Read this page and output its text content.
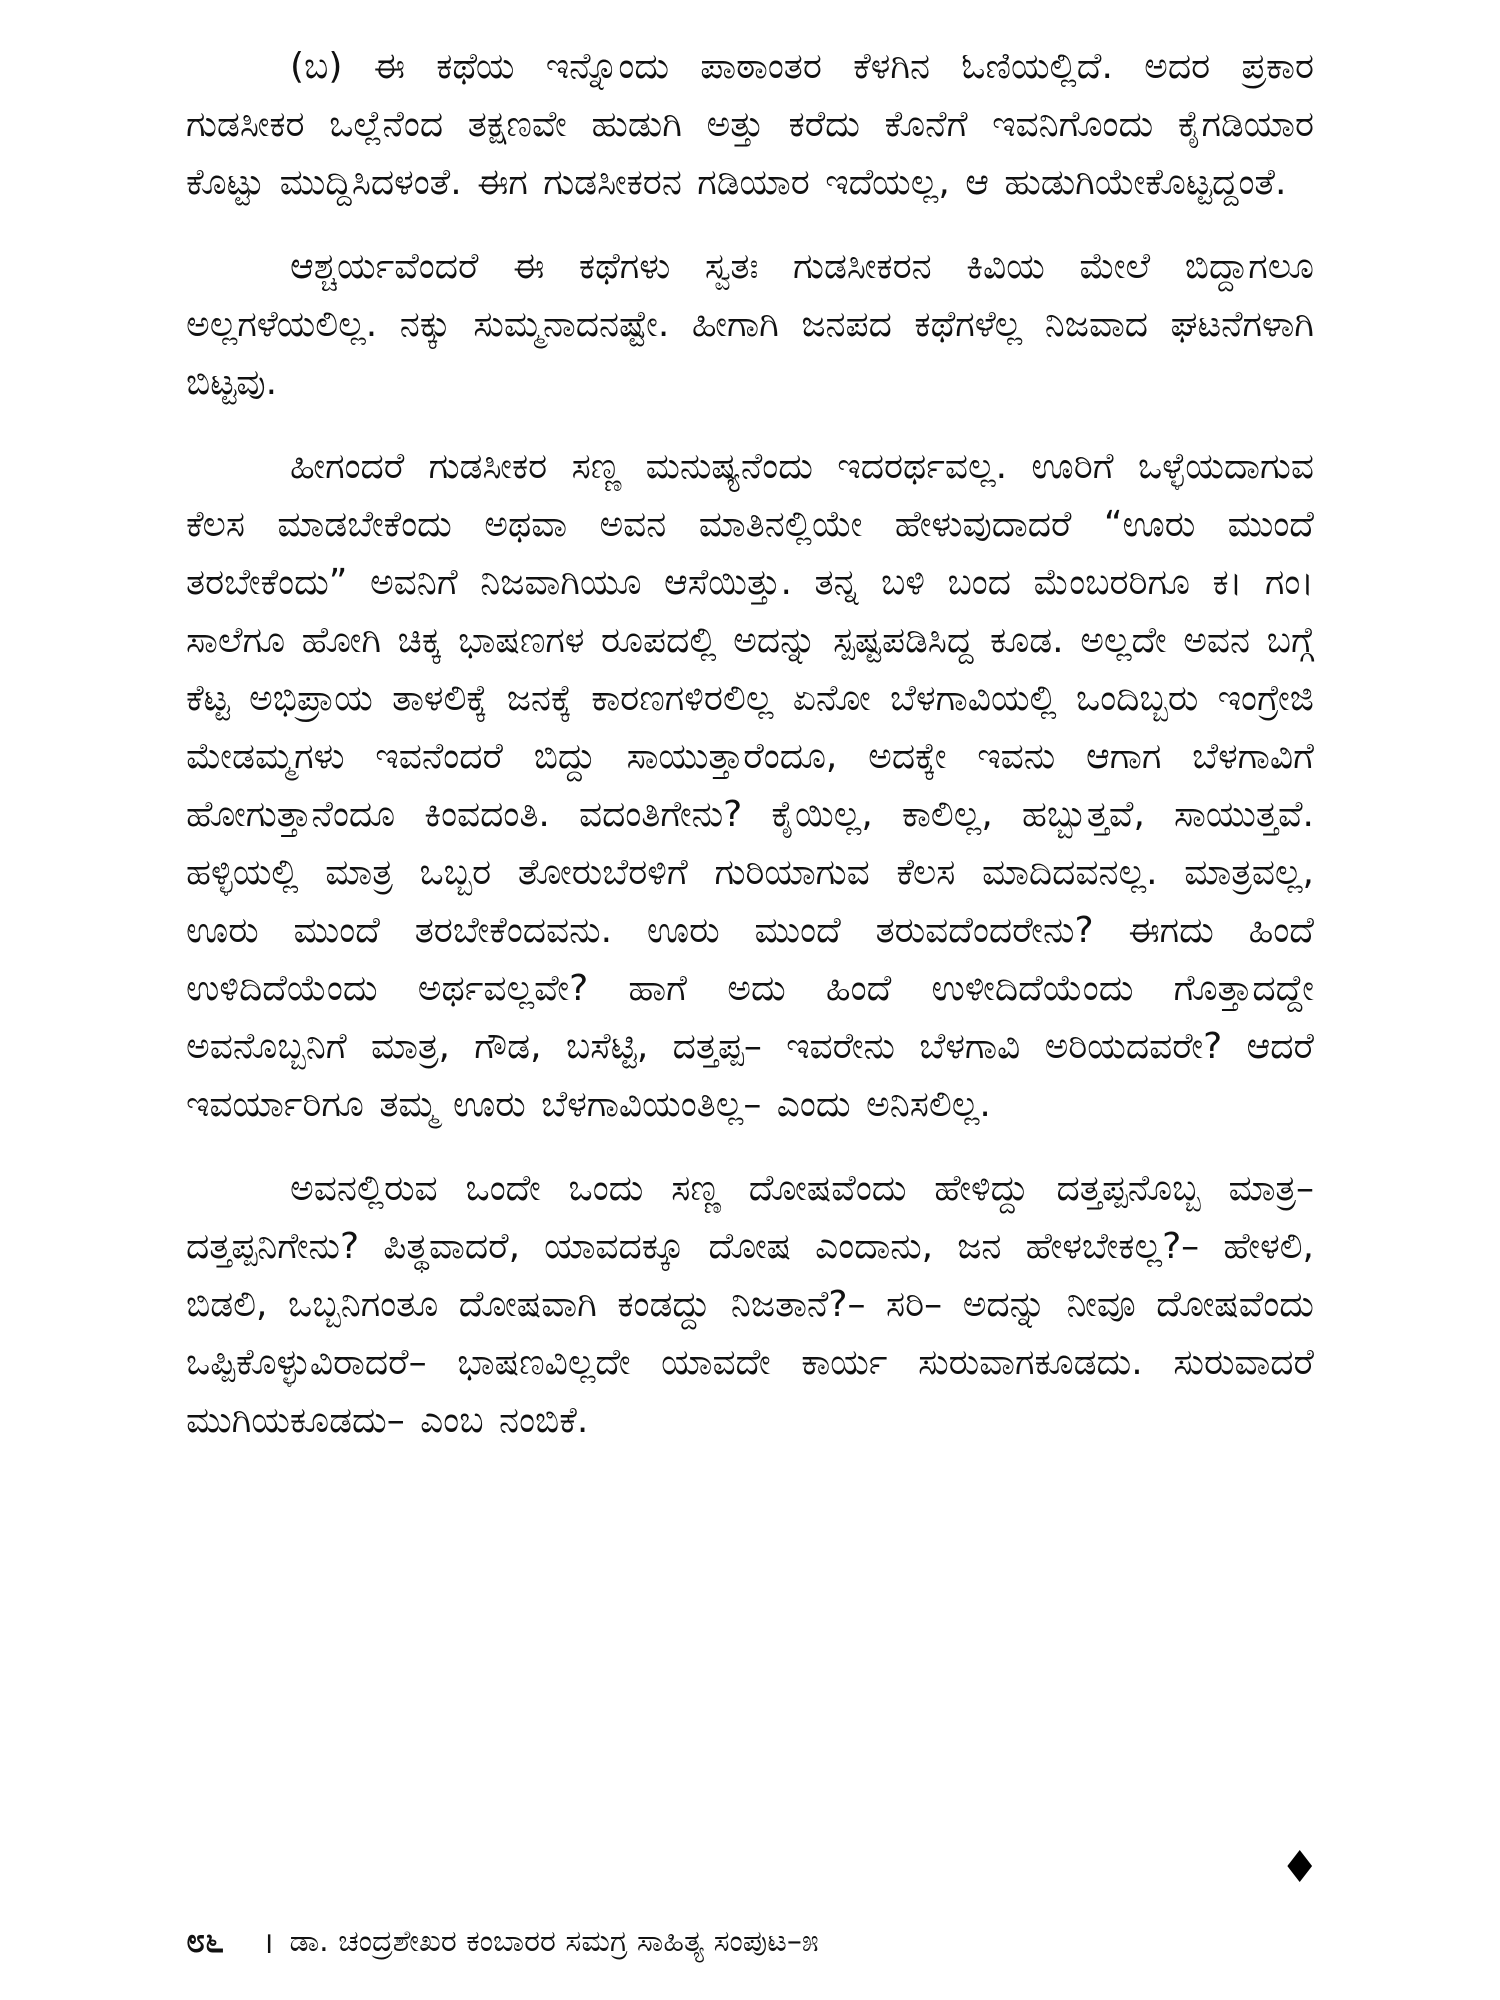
(ಬ) ಈ ಕಥೆಯ ಇನ್ನೊಂದು ಪಾಠಾಂತರ ಕೆಳಗಿನ ಓಣಿಯಲ್ಲಿದೆ. ಅದರ ಪ್ರಕಾರ ಗುಡಸೀಕರ ಒಲ್ಲೆನೆಂದ ತಕ್ಷಣವೇ ಹುಡುಗಿ ಅತ್ತು ಕರೆದು ಕೊನೆಗೆ ಇವನಿಗೊಂದು ಕೈಗಡಿಯಾರ ಕೊಟ್ಟು ಮುದ್ದಿಸಿದಳಂತೆ. ಈಗ ಗುಡಸೀಕರನ ಗಡಿಯಾರ ಇದೆಯಲ್ಲ, ಆ ಹುಡುಗಿಯೇಕೊಟ್ಟದ್ದಂತೆ.

ಆಶ್ಚರ್ಯವೆಂದರೆ ಈ ಕಥೆಗಳು ಸ್ವತಃ ಗುಡಸೀಕರನ ಕಿವಿಯ ಮೇಲೆ ಬಿದ್ದಾಗಲೂ ಅಲ್ಲಗಳೆಯಲಿಲ್ಲ. ನಕ್ಕು ಸುಮ್ಮನಾದನಷ್ಟೇ. ಹೀಗಾಗಿ ಜನಪದ ಕಥೆಗಳೆಲ್ಲ ನಿಜವಾದ ಘಟನೆಗಳಾಗಿ ಬಿಟ್ಟವು.

ಹೀಗಂದರೆ ಗುಡಸೀಕರ ಸಣ್ಣ ಮನುಷ್ಯನೆಂದು ಇದರರ್ಥವಲ್ಲ. ಊರಿಗೆ ಒಳ್ಳೆಯದಾಗುವ ಕೆಲಸ ಮಾಡಬೇಕೆಂದು ಅಥವಾ ಅವನ ಮಾತಿನಲ್ಲಿಯೇ ಹೇಳುವುದಾದರೆ “ಊರು ಮುಂದೆ ತರಬೇಕೆಂದು” ಅವನಿಗೆ ನಿಜವಾಗಿಯೂ ಆಸೆಯಿತ್ತು. ತನ್ನ ಬಳಿ ಬಂದ ಮೆಂಬರರಿಗೂ ಕ। ಗಂ। ಸಾಲೆಗೂ ಹೋಗಿ ಚಿಕ್ಕ ಭಾಷಣಗಳ ರೂಪದಲ್ಲಿ ಅದನ್ನು ಸ್ಪಷ್ಟಪಡಿಸಿದ್ದ ಕೂಡ. ಅಲ್ಲದೇ ಅವನ ಬಗ್ಗೆ ಕೆಟ್ಟ ಅಭಿಪ್ರಾಯ ತಾಳಲಿಕ್ಕೆ ಜನಕ್ಕೆ ಕಾರಣಗಳಿರಲಿಲ್ಲ ಏನೋ ಬೆಳಗಾವಿಯಲ್ಲಿ ಒಂದಿಬ್ಬರು ಇಂಗ್ರೇಜಿ ಮೇಡಮ್ಮಗಳು ಇವನೆಂದರೆ ಬಿದ್ದು ಸಾಯುತ್ತಾರೆಂದೂ, ಅದಕ್ಕೇ ಇವನು ಆಗಾಗ ಬೆಳಗಾವಿಗೆ ಹೋಗುತ್ತಾನೆಂದೂ ಕಿಂವದಂತಿ. ವದಂತಿಗೇನು? ಕೈಯಿಲ್ಲ, ಕಾಲಿಲ್ಲ, ಹಬ್ಬುತ್ತವೆ, ಸಾಯುತ್ತವೆ. ಹಳ್ಳಿಯಲ್ಲಿ ಮಾತ್ರ ಒಬ್ಬರ ತೋರುಬೆರಳಿಗೆ ಗುರಿಯಾಗುವ ಕೆಲಸ ಮಾದಿದವನಲ್ಲ. ಮಾತ್ರವಲ್ಲ, ಊರು ಮುಂದೆ ತರಬೇಕೆಂದವನು. ಊರು ಮುಂದೆ ತರುವದೆಂದರೇನು? ಈಗದು ಹಿಂದೆ ಉಳಿದಿದೆಯೆಂದು ಅರ್ಥವಲ್ಲವೇ? ಹಾಗೆ ಅದು ಹಿಂದೆ ಉಳೀದಿದೆಯೆಂದು ಗೊತ್ತಾದದ್ದೇ ಅವನೊಬ್ಬನಿಗೆ ಮಾತ್ರ, ಗೌಡ, ಬಸೆಟ್ಟಿ, ದತ್ತಪ್ಪ– ಇವರೇನು ಬೆಳಗಾವಿ ಅರಿಯದವರೇ? ಆದರೆ ಇವರ್ಯಾರಿಗೂ ತಮ್ಮ ಊರು ಬೆಳಗಾವಿಯಂತಿಲ್ಲ– ಎಂದು ಅನಿಸಲಿಲ್ಲ.

ಅವನಲ್ಲಿರುವ ಒಂದೇ ಒಂದು ಸಣ್ಣ ದೋಷವೆಂದು ಹೇಳಿದ್ದು ದತ್ತಪ್ಪನೊಬ್ಬ ಮಾತ್ರ– ದತ್ತಪ್ಪನಿಗೇನು? ಪಿತ್ಥವಾದರೆ, ಯಾವದಕ್ಕೂ ದೋಷ ಎಂದಾನು, ಜನ ಹೇಳಬೇಕಲ್ಲ?– ಹೇಳಲಿ, ಬಿಡಲಿ, ಒಬ್ಬನಿಗಂತೂ ದೋಷವಾಗಿ ಕಂಡದ್ದು ನಿಜತಾನೆ?– ಸರಿ– ಅದನ್ನು ನೀವೂ ದೋಷವೆಂದು ಒಪ್ಪಿಕೊಳ್ಳುವಿರಾದರೆ– ಭಾಷಣವಿಲ್ಲದೇ ಯಾವದೇ ಕಾರ್ಯ ಸುರುವಾಗಕೂಡದು. ಸುರುವಾದರೆ ಮುಗಿಯಕೂಡದು– ಎಂಬ ನಂಬಿಕೆ.

♦
೮೬ । ಡಾ. ಚಂದ್ರಶೇಖರ ಕಂಬಾರರ ಸಮಗ್ರ ಸಾಹಿತ್ಯ ಸಂಪುಟ–೫
